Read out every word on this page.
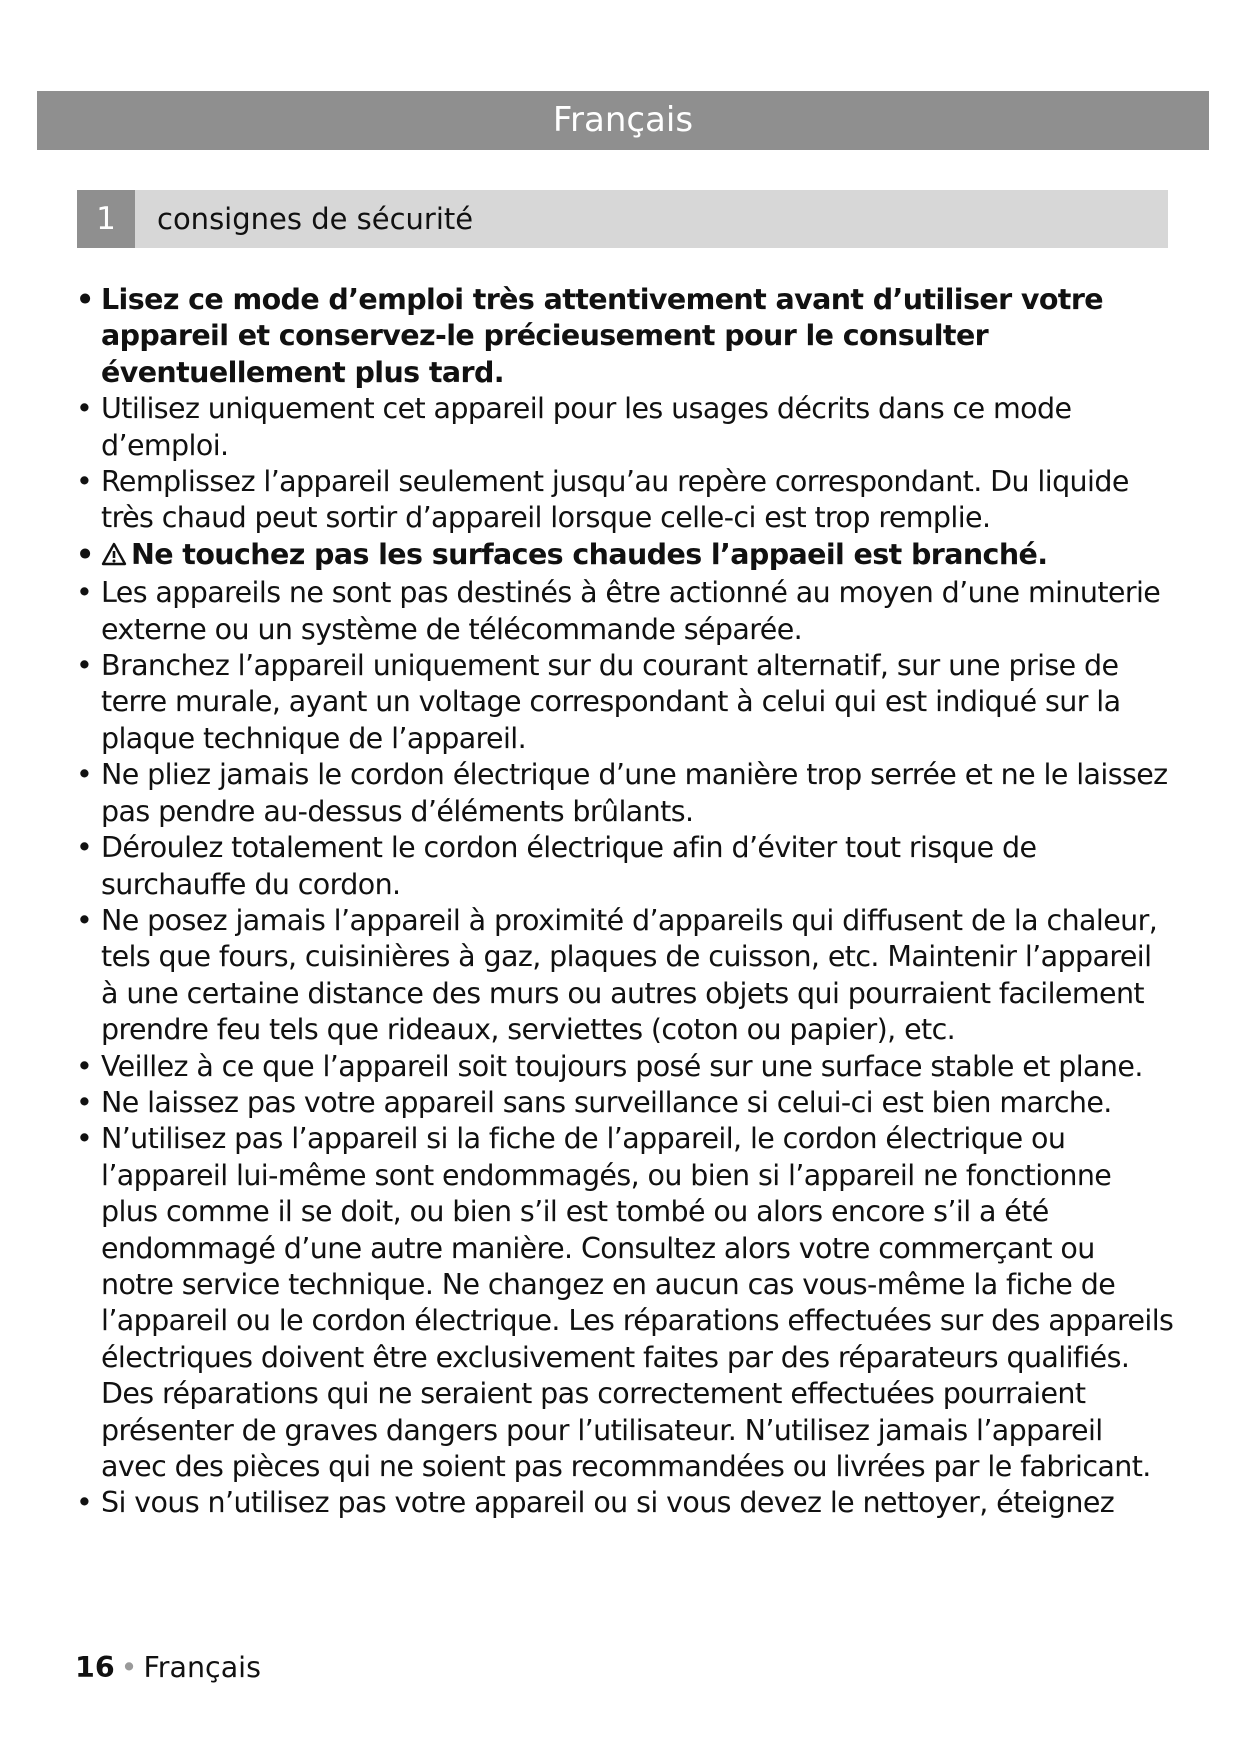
Français
1	consignes de sécurité
• Lisez ce mode d’emploi très attentivement avant d’utiliser votre appareil et conservez-le précieusement pour le consulter éventuellement plus tard.
• Utilisez uniquement cet appareil pour les usages décrits dans ce mode d’emploi.
• Remplissez l’appareil seulement jusqu’au repère correspondant. Du liquide très chaud peut sortir d’appareil lorsque celle-ci est trop remplie.
• Ne touchez pas les surfaces chaudes l’appaeil est branché.
• Les appareils ne sont pas destinés à être actionné au moyen d’une minuterie externe ou un système de télécommande séparée.
• Branchez l’appareil uniquement sur du courant alternatif, sur une prise de terre murale, ayant un voltage correspondant à celui qui est indiqué sur la plaque technique de l’appareil.
• Ne pliez jamais le cordon électrique d’une manière trop serrée et ne le laissez pas pendre au-dessus d’éléments brûlants.
• Déroulez totalement le cordon électrique afin d’éviter tout risque de surchauffe du cordon.
• Ne posez jamais l’appareil à proximité d’appareils qui diffusent de la chaleur, tels que fours, cuisinières à gaz, plaques de cuisson, etc. Maintenir l’appareil à une certaine distance des murs ou autres objets qui pourraient facilement prendre feu tels que rideaux, serviettes (coton ou papier), etc.
• Veillez à ce que l’appareil soit toujours posé sur une surface stable et plane.
• Ne laissez pas votre appareil sans surveillance si celui-ci est bien marche.
• N’utilisez pas l’appareil si la fiche de l’appareil, le cordon électrique ou l’appareil lui-même sont endommagés, ou bien si l’appareil ne fonctionne plus comme il se doit, ou bien s’il est tombé ou alors encore s’il a été endommagé d’une autre manière. Consultez alors votre commerçant ou notre service technique. Ne changez en aucun cas vous-même la fiche de l’appareil ou le cordon électrique. Les réparations effectuées sur des appareils électriques doivent être exclusivement faites par des réparateurs qualifiés. Des réparations qui ne seraient pas correctement effectuées pourraient présenter de graves dangers pour l’utilisateur. N’utilisez jamais l’appareil avec des pièces qui ne soient pas recommandées ou livrées par le fabricant.
• Si vous n’utilisez pas votre appareil ou si vous devez le nettoyer, éteignez
16 • Français
